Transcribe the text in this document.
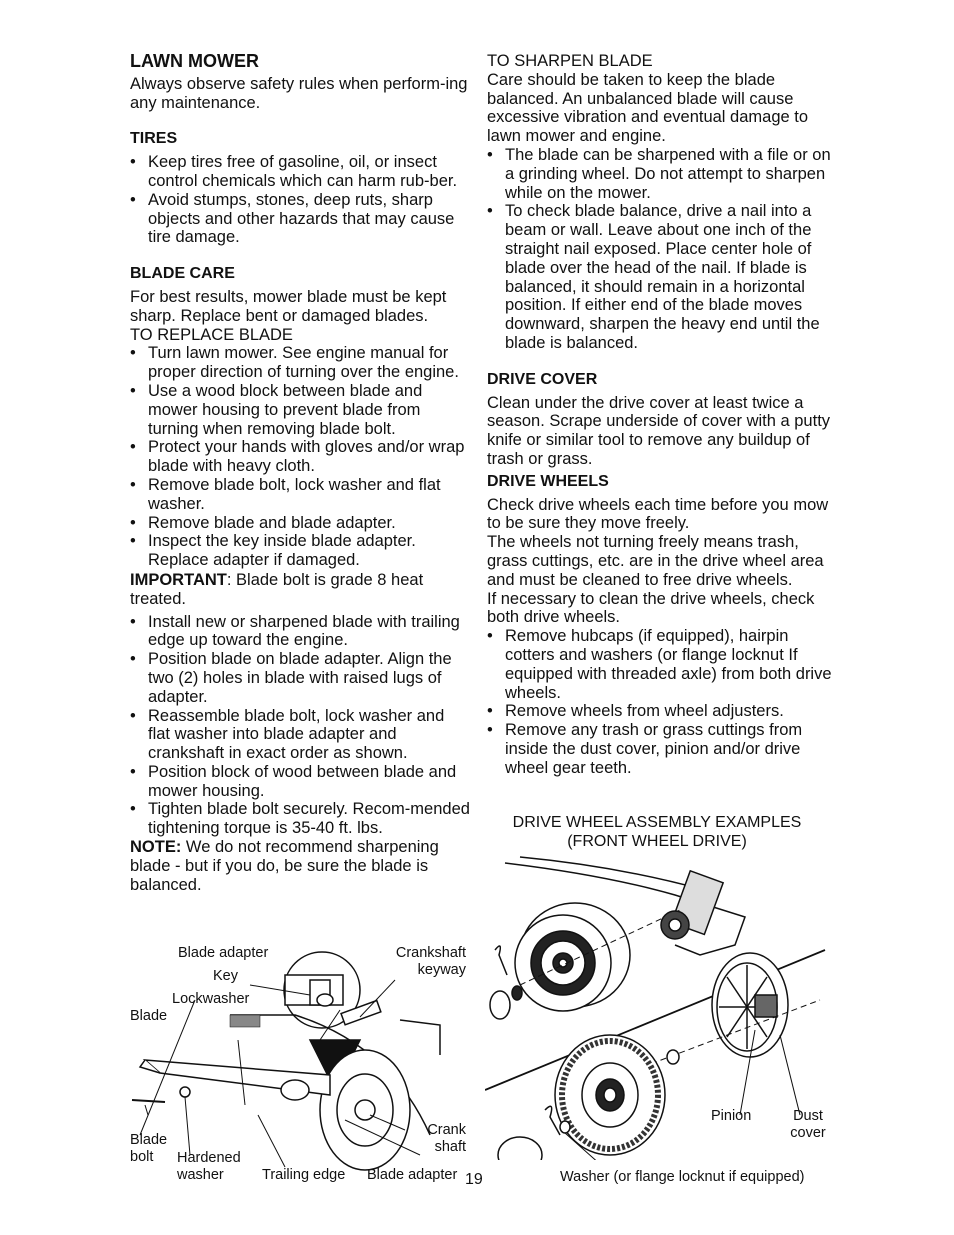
LAWN MOWER

Always observe safety rules when perform-ing any maintenance.

TIRES
• Keep tires free of gasoline, oil, or insect control chemicals which can harm rub-ber.
• Avoid stumps, stones, deep ruts, sharp objects and other hazards that may cause tire damage.
BLADE CARE

For best results, mower blade must be kept sharp. Replace bent or damaged blades.

TO REPLACE BLADE

• Turn lawn mower. See engine manual for proper direction of turning over the engine.
• Use a wood block between blade and mower housing to prevent blade from turning when removing blade bolt.
• Protect your hands with gloves and/or wrap blade with heavy cloth.
• Remove blade bolt, lock washer and flat washer.
• Remove blade and blade adapter.
• Inspect the key inside blade adapter. Replace adapter if damaged.

IMPORTANT: Blade bolt is grade 8 heat treated.

• Install new or sharpened blade with trailing edge up toward the engine.
• Position blade on blade adapter. Align the two (2) holes in blade with raised lugs of adapter.
• Reassemble blade bolt, lock washer and flat washer into blade adapter and crankshaft in exact order as shown.
• Position block of wood between blade and mower housing.
• Tighten blade bolt securely. Recom-mended tightening torque is 35-40 ft. lbs.

NOTE: We do not recommend sharpening blade - but if you do, be sure the blade is balanced.

TO SHARPEN BLADE

Care should be taken to keep the blade balanced. An unbalanced blade will cause excessive vibration and eventual damage to lawn mower and engine.

• The blade can be sharpened with a file or on a grinding wheel. Do not attempt to sharpen while on the mower.
• To check blade balance, drive a nail into a beam or wall. Leave about one inch of the straight nail exposed. Place center hole of blade over the head of the nail. If blade is balanced, it should remain in a horizontal position. If either end of the blade moves downward, sharpen the heavy end until the blade is balanced.
DRIVE COVER

Clean under the drive cover at least twice a season. Scrape underside of cover with a putty knife or similar tool to remove any buildup of trash or grass.

DRIVE WHEELS

Check drive wheels each time before you mow to be sure they move freely.

The wheels not turning freely means trash, grass cuttings, etc. are in the drive wheel area and must be cleaned to free drive wheels.

If necessary to clean the drive wheels, check both drive wheels.

• Remove hubcaps (if equipped), hairpin cotters and washers (or flange locknut If equipped with threaded axle) from both drive wheels.
• Remove wheels from wheel adjusters.
• Remove any trash or grass cuttings from inside the dust cover, pinion and/or drive wheel gear teeth.
DRIVE WHEEL ASSEMBLY EXAMPLES
(FRONT WHEEL DRIVE)
Pinion	Dust
cover
Washer (or flange locknut if equipped)
Blade adapter
Key
Lockwasher
Blade
Crankshaft
keyway
Blade
bolt	Hardened
washer	Trailing edge Blade adapter
Crank
shaft
19
